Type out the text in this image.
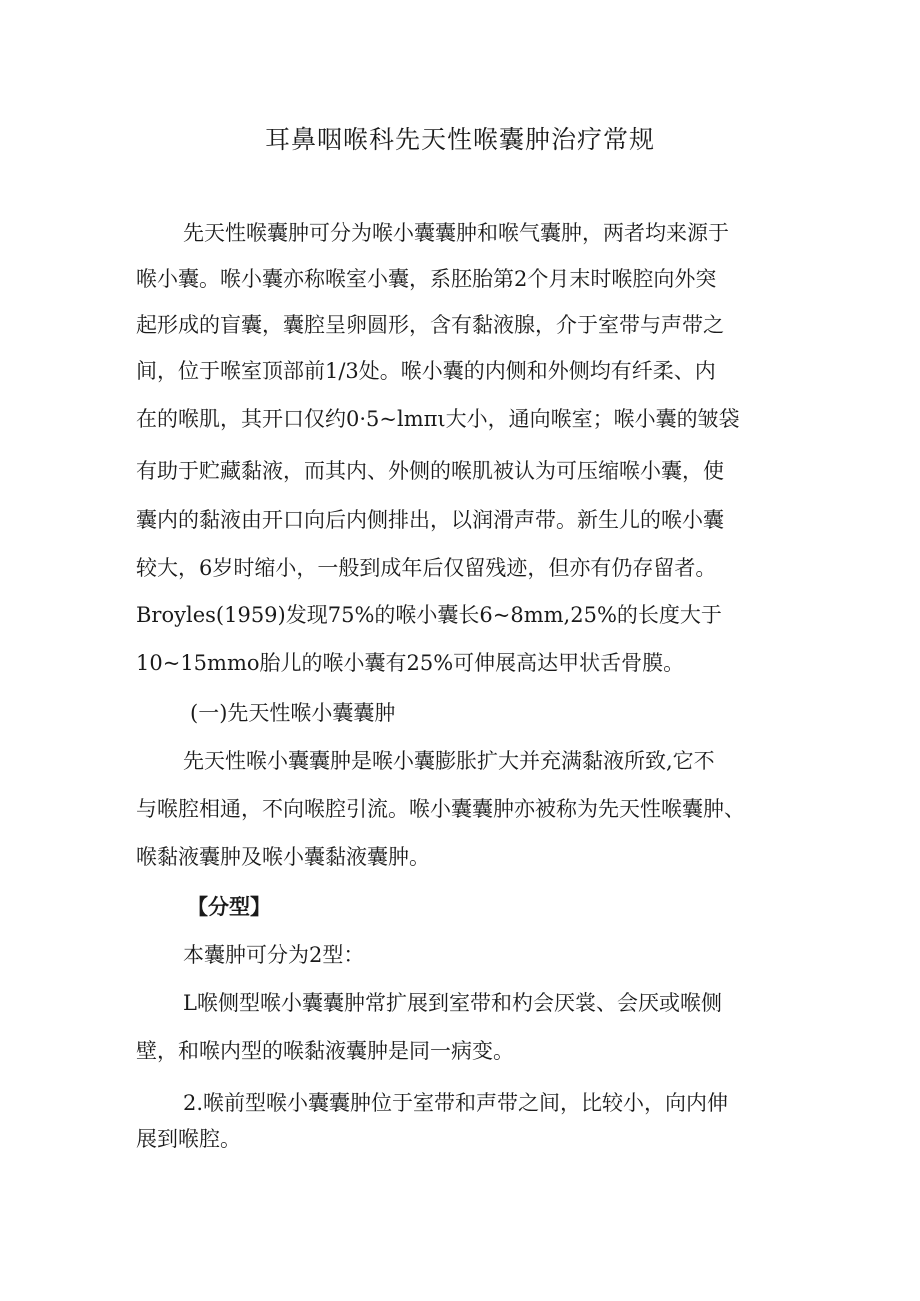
耳鼻咽喉科先天性喉囊肿治疗常规

先天性喉囊肿可分为喉小囊囊肿和喉气囊肿，两者均来源于

喉小囊。喉小囊亦称喉室小囊，系胚胎第2个月末时喉腔向外突

起形成的盲囊，囊腔呈卵圆形，含有黏液腺，介于室带与声带之

间，位于喉室顶部前1/3处。喉小囊的内侧和外侧均有纤柔、内

在的喉肌，其开口仅约0·5~lmπι大小，通向喉室；喉小囊的皱袋

有助于贮藏黏液，而其内、外侧的喉肌被认为可压缩喉小囊，使

囊内的黏液由开口向后内侧排出，以润滑声带。新生儿的喉小囊

较大，6岁时缩小，一般到成年后仅留残迹，但亦有仍存留者。

Broyles(1959)发现75%的喉小囊长6~8mm,25%的长度大于

10~15mmo胎儿的喉小囊有25%可伸展高达甲状舌骨膜。

(一)先天性喉小囊囊肿

先天性喉小囊囊肿是喉小囊膨胀扩大并充满黏液所致,它不

与喉腔相通，不向喉腔引流。喉小囊囊肿亦被称为先天性喉囊肿、

喉黏液囊肿及喉小囊黏液囊肿。

【分型】

本囊肿可分为2型：

L喉侧型喉小囊囊肿常扩展到室带和杓会厌裳、会厌或喉侧

壁，和喉内型的喉黏液囊肿是同一病变。

2.喉前型喉小囊囊肿位于室带和声带之间，比较小，向内伸

展到喉腔。
